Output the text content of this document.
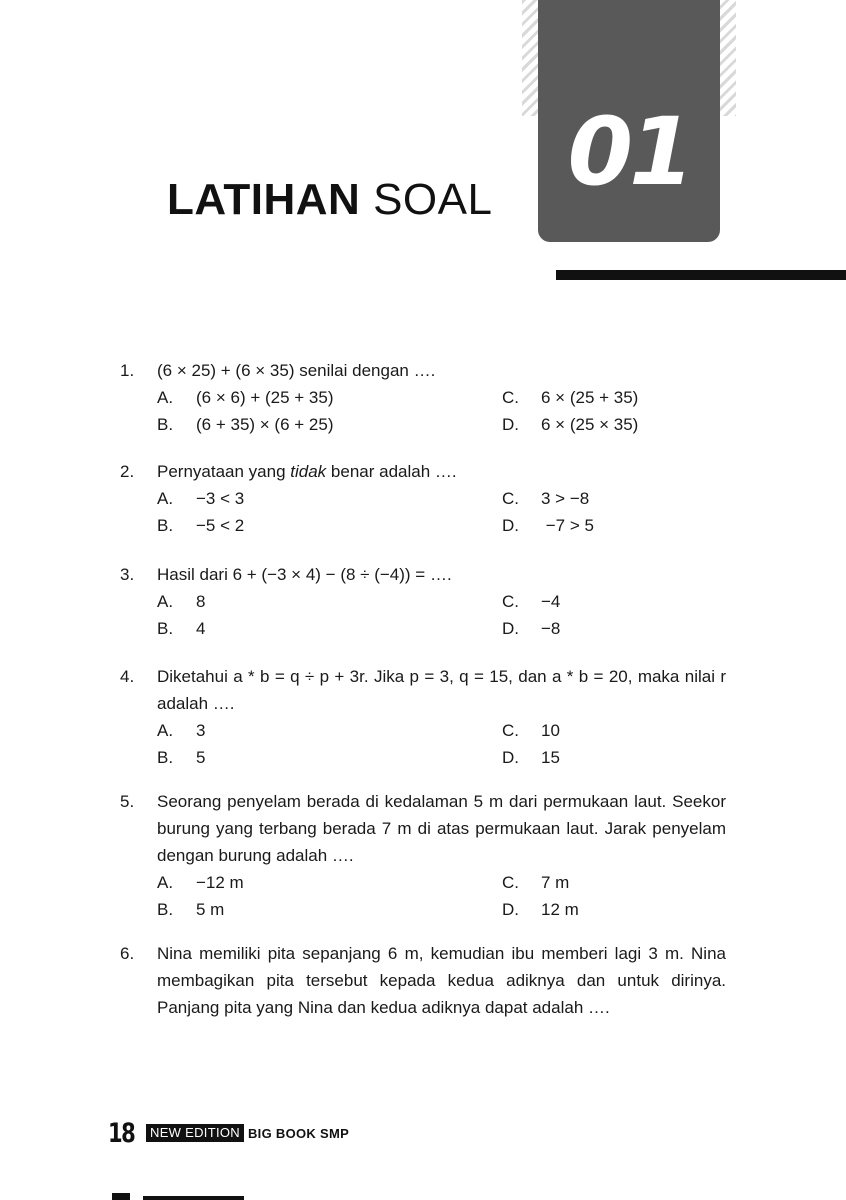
01
LATIHAN SOAL
1. (6 × 25) + (6 × 35) senilai dengan ….
A.	(6 × 6) + (25 + 35)	C.	6 × (25 + 35)
B.	(6 + 35) × (6 + 25)	D.	6 × (25 × 35)
2. Pernyataan yang tidak benar adalah ….
A.	−3 < 3	C.	3 > −8
B.	−5 < 2	D.	−7 > 5
3. Hasil dari 6 + (−3 × 4) − (8 ÷ (−4)) = ….
A.	8	C.	−4
B.	4	D.	−8
4. Diketahui a * b = q ÷ p + 3r. Jika p = 3, q = 15, dan a * b = 20, maka nilai r adalah ….
A.	3	C.	10
B.	5	D.	15
5. Seorang penyelam berada di kedalaman 5 m dari permukaan laut. Seekor burung yang terbang berada 7 m di atas permukaan laut. Jarak penyelam dengan burung adalah ….
A.	−12 m	C.	7 m
B.	5 m	D.	12 m
6. Nina memiliki pita sepanjang 6 m, kemudian ibu memberi lagi 3 m. Nina membagikan pita tersebut kepada kedua adiknya dan untuk dirinya. Panjang pita yang Nina dan kedua adiknya dapat adalah ….
18	NEW EDITION BIG BOOK SMP
